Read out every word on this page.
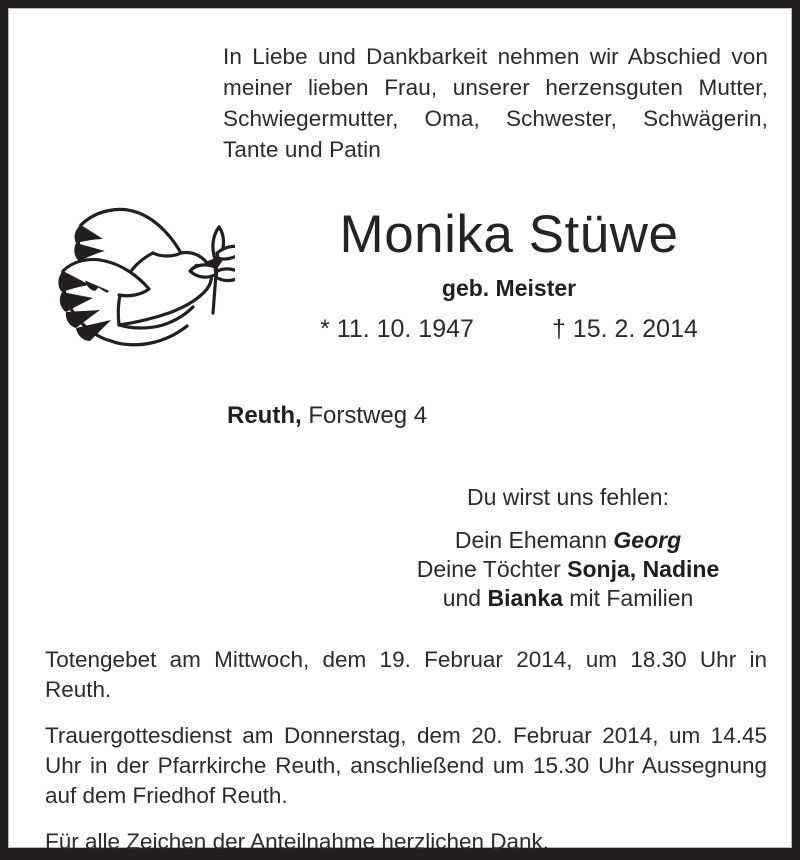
In Liebe und Dankbarkeit nehmen wir Abschied von meiner lieben Frau, unserer herzensguten Mutter, Schwiegermutter, Oma, Schwester, Schwägerin, Tante und Patin
Monika Stüwe
geb. Meister
* 11. 10. 1947	† 15. 2. 2014
Reuth, Forstweg 4
Du wirst uns fehlen:
Dein Ehemann Georg
Deine Töchter Sonja, Nadine
und Bianka mit Familien
Totengebet am Mittwoch, dem 19. Februar 2014, um 18.30 Uhr in Reuth.
Trauergottesdienst am Donnerstag, dem 20. Februar 2014, um 14.45 Uhr in der Pfarrkirche Reuth, anschließend um 15.30 Uhr Aussegnung auf dem Friedhof Reuth.
Für alle Zeichen der Anteilnahme herzlichen Dank.
